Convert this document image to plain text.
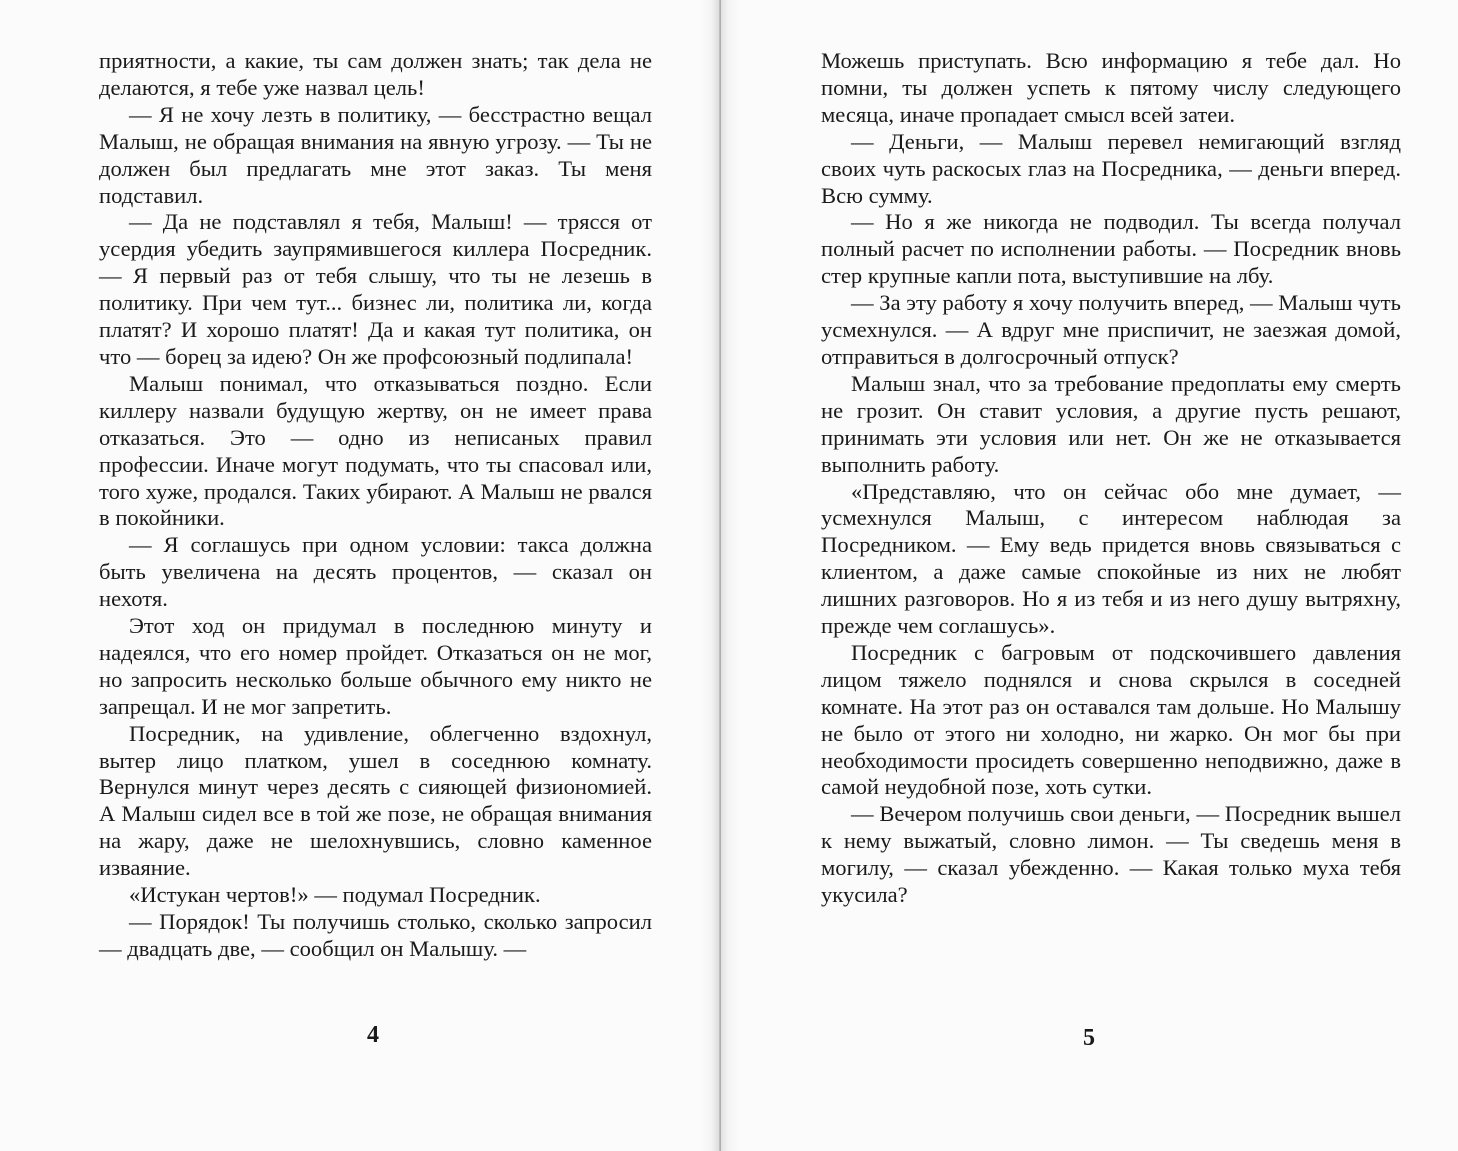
приятности, а какие, ты сам должен знать; так дела не делаются, я тебе уже назвал цель!

— Я не хочу лезть в политику, — бесстрастно вещал Малыш, не обращая внимания на явную угрозу. — Ты не должен был предлагать мне этот заказ. Ты меня подставил.

— Да не подставлял я тебя, Малыш! — трясся от усердия убедить заупрямившегося киллера Посредник. — Я первый раз от тебя слышу, что ты не лезешь в политику. При чем тут... бизнес ли, политика ли, когда платят? И хорошо платят! Да и какая тут политика, он что — борец за идею? Он же профсоюзный подлипала!

Малыш понимал, что отказываться поздно. Если киллеру назвали будущую жертву, он не имеет права отказаться. Это — одно из неписаных правил профессии. Иначе могут подумать, что ты спасовал или, того хуже, продался. Таких убирают. А Малыш не рвался в покойники.

— Я соглашусь при одном условии: такса должна быть увеличена на десять процентов, — сказал он нехотя.

Этот ход он придумал в последнюю минуту и надеялся, что его номер пройдет. Отказаться он не мог, но запросить несколько больше обычного ему никто не запрещал. И не мог запретить.

Посредник, на удивление, облегченно вздохнул, вытер лицо платком, ушел в соседнюю комнату. Вернулся минут через десять с сияющей физиономией. А Малыш сидел все в той же позе, не обращая внимания на жару, даже не шелохнувшись, словно каменное изваяние.

«Истукан чертов!» — подумал Посредник.

— Порядок! Ты получишь столько, сколько запросил — двадцать две, — сообщил он Малышу. —

4

Можешь приступать. Всю информацию я тебе дал. Но помни, ты должен успеть к пятому числу следующего месяца, иначе пропадает смысл всей затеи.

— Деньги, — Малыш перевел немигающий взгляд своих чуть раскосых глаз на Посредника, — деньги вперед. Всю сумму.

— Но я же никогда не подводил. Ты всегда получал полный расчет по исполнении работы. — Посредник вновь стер крупные капли пота, выступившие на лбу.

— За эту работу я хочу получить вперед, — Малыш чуть усмехнулся. — А вдруг мне приспичит, не заезжая домой, отправиться в долгосрочный отпуск?

Малыш знал, что за требование предоплаты ему смерть не грозит. Он ставит условия, а другие пусть решают, принимать эти условия или нет. Он же не отказывается выполнить работу.

«Представляю, что он сейчас обо мне думает, — усмехнулся Малыш, с интересом наблюдая за Посредником. — Ему ведь придется вновь связываться с клиентом, а даже самые спокойные из них не любят лишних разговоров. Но я из тебя и из него душу вытряхну, прежде чем соглашусь».

Посредник с багровым от подскочившего давления лицом тяжело поднялся и снова скрылся в соседней комнате. На этот раз он оставался там дольше. Но Малышу не было от этого ни холодно, ни жарко. Он мог бы при необходимости просидеть совершенно неподвижно, даже в самой неудобной позе, хоть сутки.

— Вечером получишь свои деньги, — Посредник вышел к нему выжатый, словно лимон. — Ты сведешь меня в могилу, — сказал убежденно. — Какая только муха тебя укусила?

5
